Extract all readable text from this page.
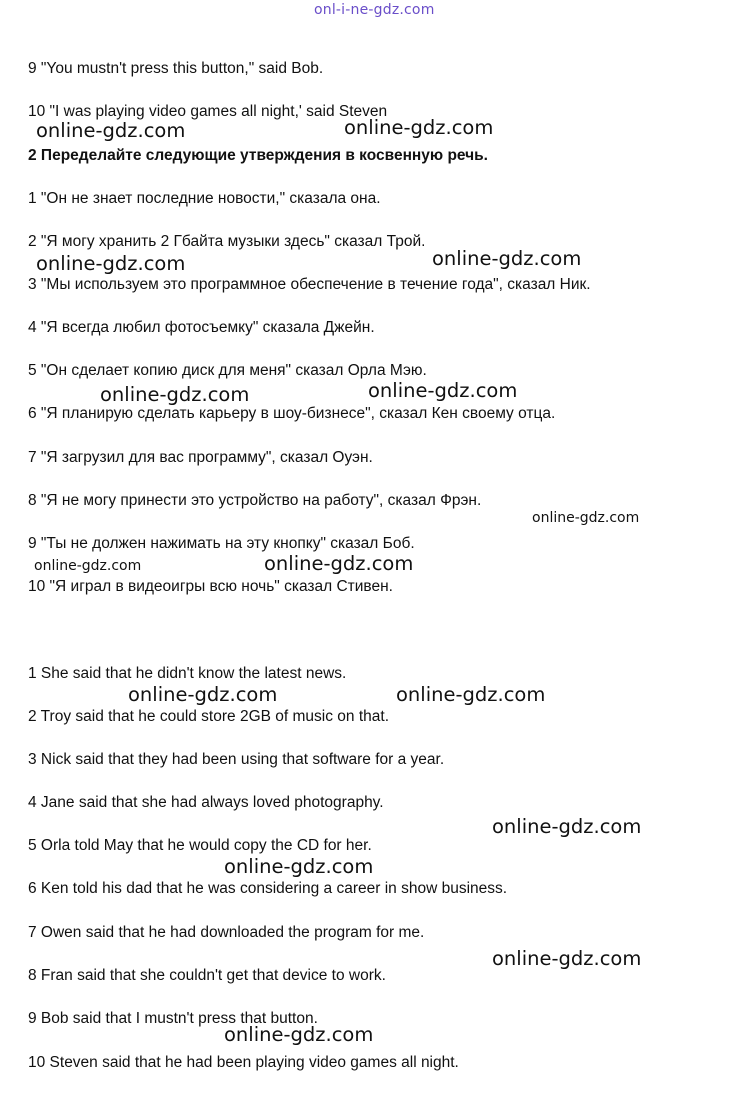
onl-i-ne-gdz.com
9 "You mustn't press this button," said Bob.
10 "I was playing video games all night,' said Steven
2 Переделайте следующие утверждения в косвенную речь.
1 "Он не знает последние новости," сказала она.
2 "Я могу хранить 2 Гбайта музыки здесь" сказал Трой.
3 "Мы используем это программное обеспечение в течение года", сказал Ник.
4 "Я всегда любил фотосъемку" сказала Джейн.
5 "Он сделает копию диск для меня" сказал Орла Мэю.
6 "Я планирую сделать карьеру в шоу-бизнесе", сказал Кен своему отца.
7 "Я загрузил для вас программу", сказал Оуэн.
8 "Я не могу принести это устройство на работу", сказал Фрэн.
9 "Ты не должен нажимать на эту кнопку" сказал Боб.
10 "Я играл в видеоигры всю ночь" сказал Стивен.
1 She said that he didn't know the latest news.
2 Troy said that he could store 2GB of music on that.
3 Nick said that they had been using that software for a year.
4 Jane said that she had always loved photography.
5 Orla told May that he would copy the CD for her.
6 Ken told his dad that he was considering a career in show business.
7 Owen said that he had downloaded the program for me.
8 Fran said that she couldn't get that device to work.
9 Bob said that I mustn't press that button.
10 Steven said that he had been playing video games all night.
online-gdz.com	online-gdz.com
online-gdz.com	online-gdz.com
online-gdz.com	online-gdz.com
online-gdz.com
online-gdz.com	online-gdz.com
online-gdz.com	online-gdz.com
online-gdz.com
online-gdz.com
online-gdz.com
online-gdz.com
